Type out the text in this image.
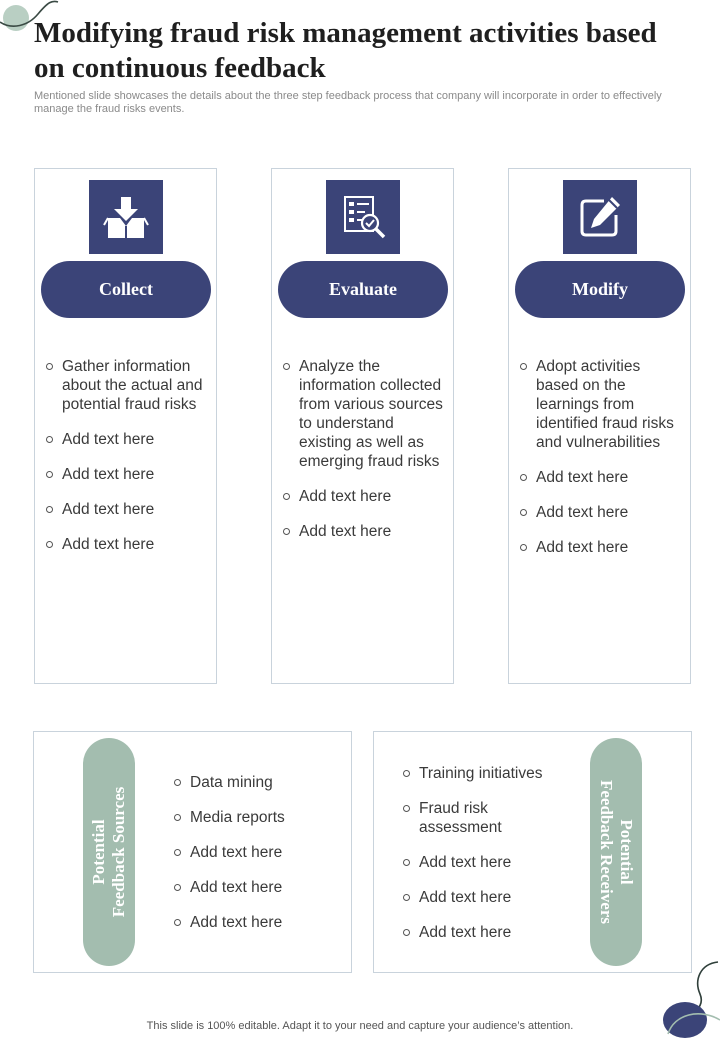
Modifying fraud risk management activities based on continuous feedback

Mentioned slide showcases the details about the three step feedback process that company will incorporate in order to effectively manage the fraud risks events.

Collect
Gather information about the actual and potential fraud risks
Add text here
Add text here
Add text here
Add text here
Evaluate
Analyze the information collected from various sources to understand existing as well as emerging fraud risks
Add text here
Add text here
Modify
Adopt activities based on the learnings from identified fraud risks and vulnerabilities
Add text here
Add text here
Add text here
Potential Feedback Sources
Data mining
Media reports
Add text here
Add text here
Add text here
Training initiatives
Fraud risk assessment
Add text here
Add text here
Add text here
Potential
Feedback Receivers
This slide is 100% editable. Adapt it to your need and capture your audience’s attention.
